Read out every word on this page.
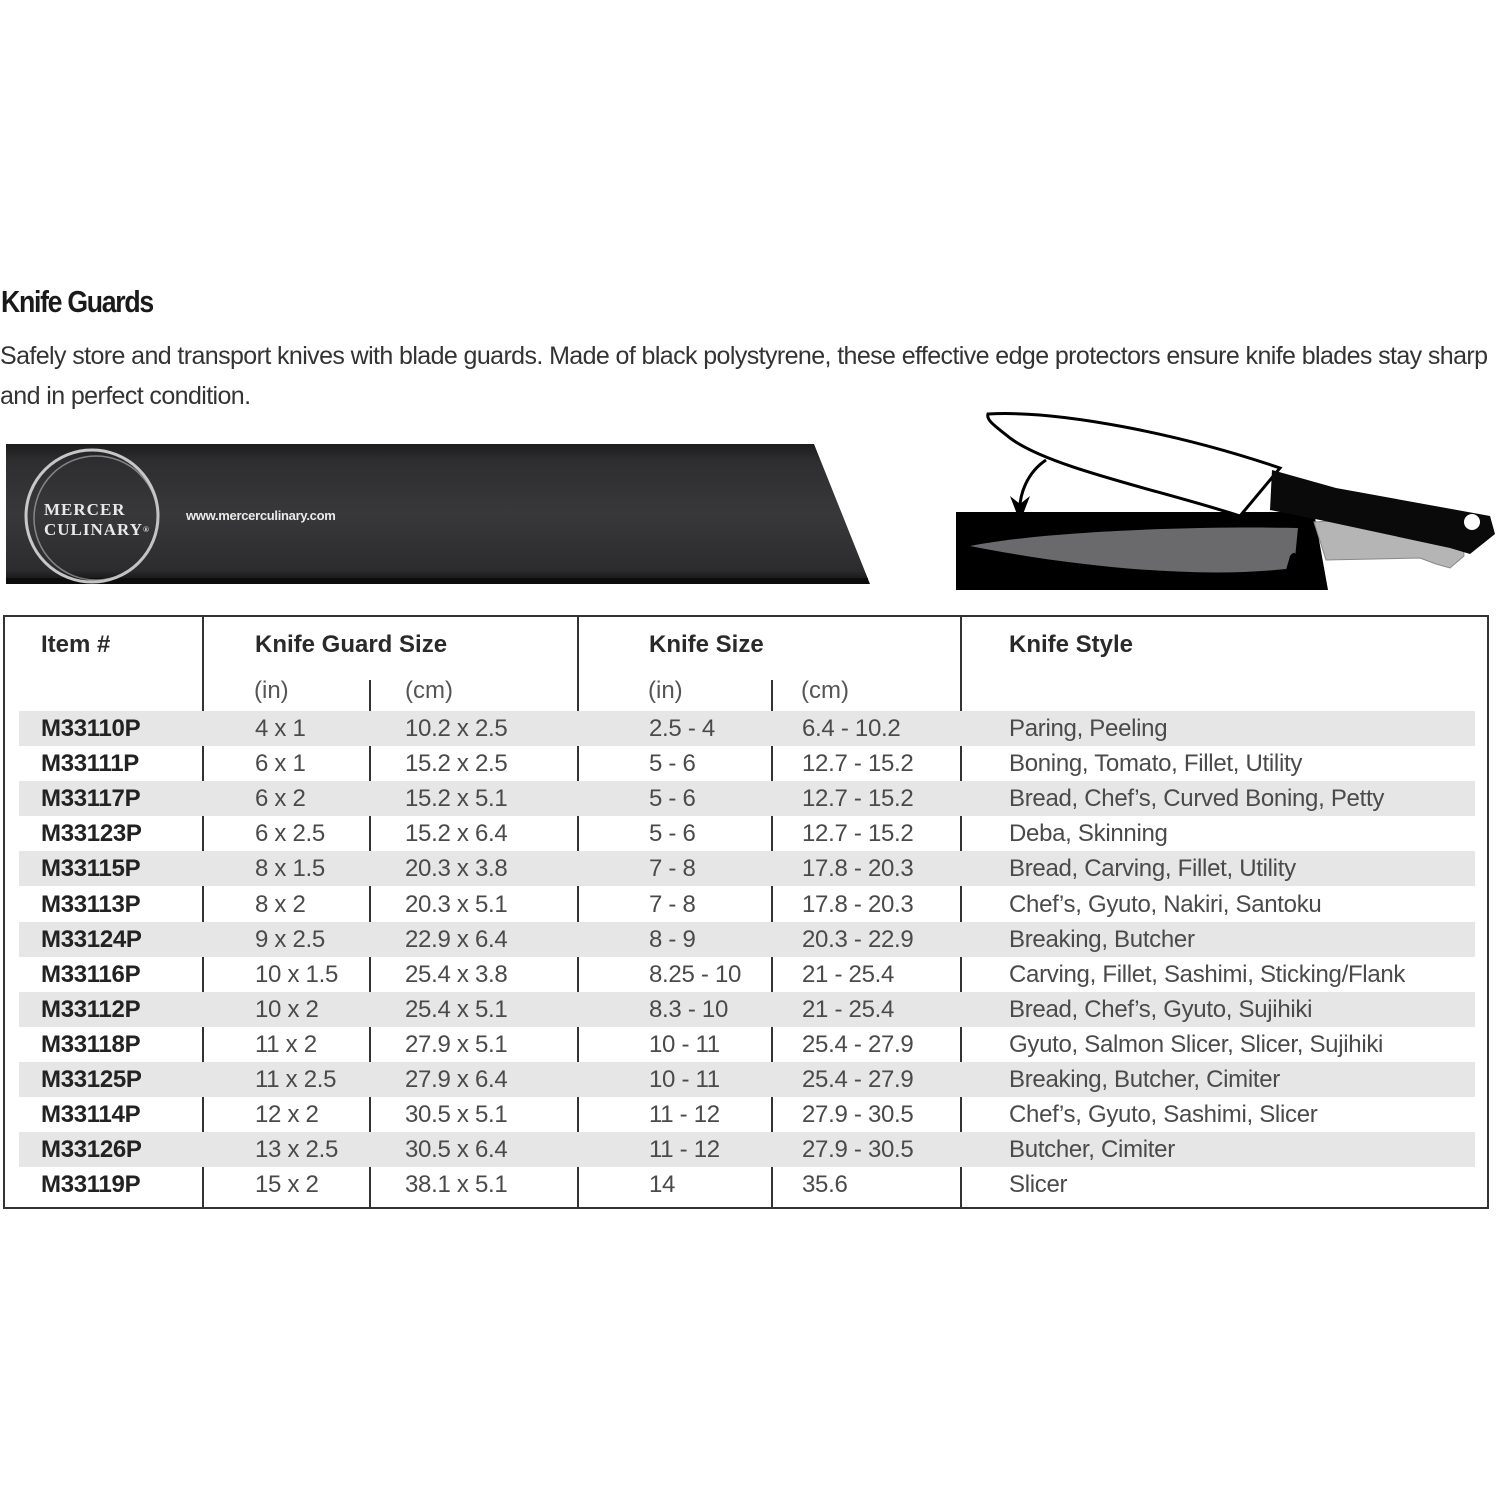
Knife Guards
Safely store and transport knives with blade guards. Made of black polystyrene, these effective edge protectors ensure knife blades stay sharp and in perfect condition.
MERCER
CULINARY®
www.mercerculinary.com
Item #	Knife Guard Size	Knife Size	Knife Style
(in)	(cm)	(in)	(cm)
M33110P	4 x 1	10.2 x 2.5	2.5 - 4	6.4 - 10.2	Paring, Peeling
M33111P	6 x 1	15.2 x 2.5	5 - 6	12.7 - 15.2	Boning, Tomato, Fillet, Utility
M33117P	6 x 2	15.2 x 5.1	5 - 6	12.7 - 15.2	Bread, Chef’s, Curved Boning, Petty
M33123P	6 x 2.5	15.2 x 6.4	5 - 6	12.7 - 15.2	Deba, Skinning
M33115P	8 x 1.5	20.3 x 3.8	7 - 8	17.8 - 20.3	Bread, Carving, Fillet, Utility
M33113P	8 x 2	20.3 x 5.1	7 - 8	17.8 - 20.3	Chef’s, Gyuto, Nakiri, Santoku
M33124P	9 x 2.5	22.9 x 6.4	8 - 9	20.3 - 22.9	Breaking, Butcher
M33116P	10 x 1.5	25.4 x 3.8	8.25 - 10	21 - 25.4	Carving, Fillet, Sashimi, Sticking/Flank
M33112P	10 x 2	25.4 x 5.1	8.3 - 10	21 - 25.4	Bread, Chef’s, Gyuto, Sujihiki
M33118P	11 x 2	27.9 x 5.1	10 - 11	25.4 - 27.9	Gyuto, Salmon Slicer, Slicer, Sujihiki
M33125P	11 x 2.5	27.9 x 6.4	10 - 11	25.4 - 27.9	Breaking, Butcher, Cimiter
M33114P	12 x 2	30.5 x 5.1	11 - 12	27.9 - 30.5	Chef’s, Gyuto, Sashimi, Slicer
M33126P	13 x 2.5	30.5 x 6.4	11 - 12	27.9 - 30.5	Butcher, Cimiter
M33119P	15 x 2	38.1 x 5.1	14	35.6	Slicer
